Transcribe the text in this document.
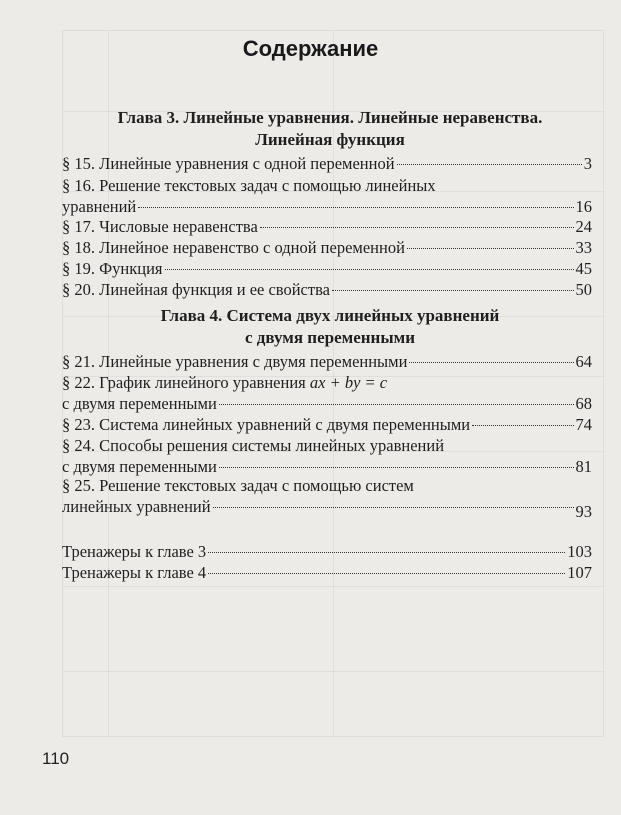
Содержание
Глава 3. Линейные уравнения. Линейные неравенства.
Линейная функция
§ 15. Линейные уравнения с одной переменной	3
§ 16. Решение текстовых задач с помощью линейных
уравнений	16
§ 17. Числовые неравенства	24
§ 18. Линейное неравенство с одной переменной	33
§ 19. Функция	45
§ 20. Линейная функция и ее свойства	50
Глава 4. Система двух линейных уравнений
с двумя переменными
§ 21. Линейные уравнения с двумя переменными	64
§ 22. График линейного уравнения ax + by = c
с двумя переменными	68
§ 23. Система линейных уравнений с двумя переменными	74
§ 24. Способы решения системы линейных уравнений
с двумя переменными	81
§ 25. Решение текстовых задач с помощью систем
линейных уравнений	93
Тренажеры к главе 3	103
Тренажеры к главе 4	107
110
